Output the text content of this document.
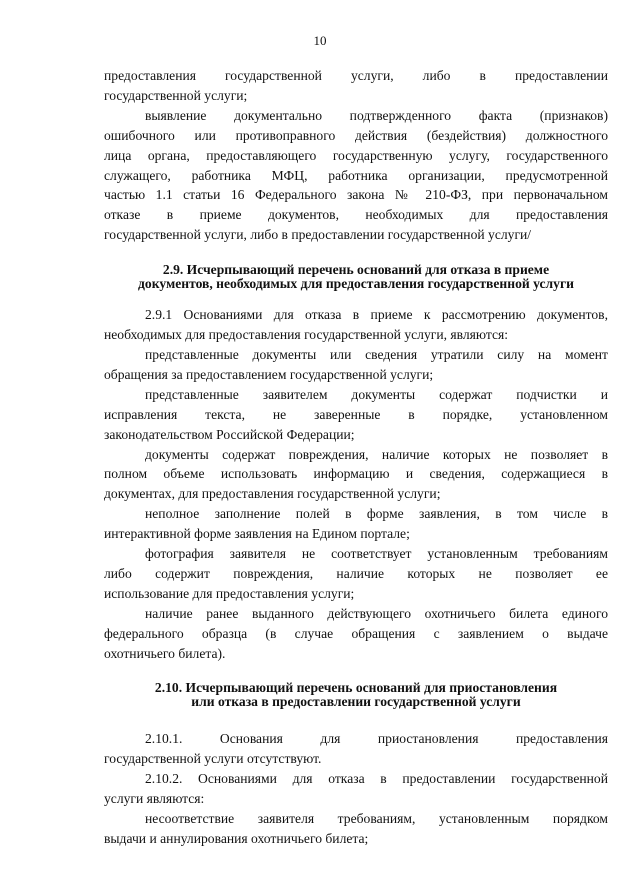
10

предоставления государственной услуги, либо в предоставлении

государственной услуги;

выявление документально подтвержденного факта (признаков)

ошибочного или противоправного действия (бездействия) должностного

лица органа, предоставляющего государственную услугу, государственного

служащего, работника МФЦ, работника организации, предусмотренной

частью 1.1 статьи 16 Федерального закона № 210-ФЗ, при первоначальном

отказе в приеме документов, необходимых для предоставления

государственной услуги, либо в предоставлении государственной услуги/

2.9. Исчерпывающий перечень оснований для отказа в приеме
документов, необходимых для предоставления государственной услуги

2.9.1 Основаниями для отказа в приеме к рассмотрению документов,

необходимых для предоставления государственной услуги, являются:

представленные документы или сведения утратили силу на момент

обращения за предоставлением государственной услуги;

представленные заявителем документы содержат подчистки и

исправления текста, не заверенные в порядке, установленном

законодательством Российской Федерации;

документы содержат повреждения, наличие которых не позволяет в

полном объеме использовать информацию и сведения, содержащиеся в

документах, для предоставления государственной услуги;

неполное заполнение полей в форме заявления, в том числе в

интерактивной форме заявления на Едином портале;

фотография заявителя не соответствует установленным требованиям

либо содержит повреждения, наличие которых не позволяет ее

использование для предоставления услуги;

наличие ранее выданного действующего охотничьего билета единого

федерального образца (в случае обращения с заявлением о выдаче

охотничьего билета).

2.10. Исчерпывающий перечень оснований для приостановления
или отказа в предоставлении государственной услуги

2.10.1. Основания для приостановления предоставления

государственной услуги отсутствуют.

2.10.2. Основаниями для отказа в предоставлении государственной

услуги являются:

несоответствие заявителя требованиям, установленным порядком

выдачи и аннулирования охотничьего билета;
